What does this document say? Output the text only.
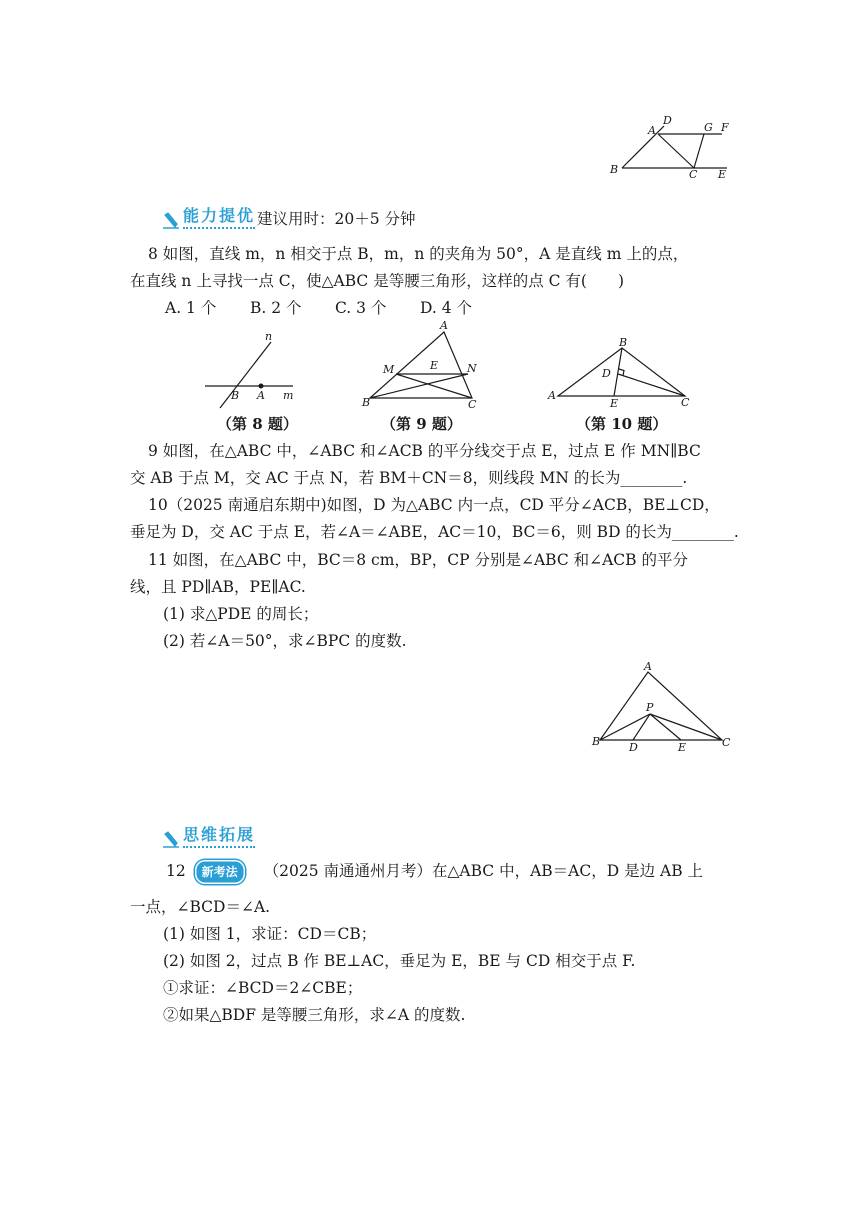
D
A	G F
B	C E
能力提优 建议用时：20＋5 分钟
8 如图，直线 m，n 相交于点 B，m，n 的夹角为 50°，A 是直线 m 上的点，
在直线 n 上寻找一点 C，使△ABC 是等腰三角形，这样的点 C 有(　　)
A. 1 个 B. 2 个 C. 3 个 D. 4 个
n
B A m
A
M	E	N
B	C
B
D
A
E	C
（第 8 题）	（第 9 题）	（第 10 题）
9 如图，在△ABC 中，∠ABC 和∠ACB 的平分线交于点 E，过点 E 作 MN∥BC
交 AB 于点 M，交 AC 于点 N，若 BM＋CN＝8，则线段 MN 的长为________.
10（2025 南通启东期中)如图，D 为△ABC 内一点，CD 平分∠ACB，BE⊥CD，
垂足为 D，交 AC 于点 E，若∠A＝∠ABE，AC＝10，BC＝6，则 BD 的长为________.
11 如图，在△ABC 中，BC＝8 cm，BP，CP 分别是∠ABC 和∠ACB 的平分
线，且 PD∥AB，PE∥AC.
(1) 求△PDE 的周长；
(2) 若∠A＝50°，求∠BPC 的度数.
A
P
B	D	E	C
思维拓展
12 新考法 （2025 南通通州月考）在△ABC 中，AB＝AC，D 是边 AB 上
一点，∠BCD＝∠A.
(1) 如图 1，求证：CD＝CB；
(2) 如图 2，过点 B 作 BE⊥AC，垂足为 E，BE 与 CD 相交于点 F.
①求证：∠BCD＝2∠CBE；
②如果△BDF 是等腰三角形，求∠A 的度数.
